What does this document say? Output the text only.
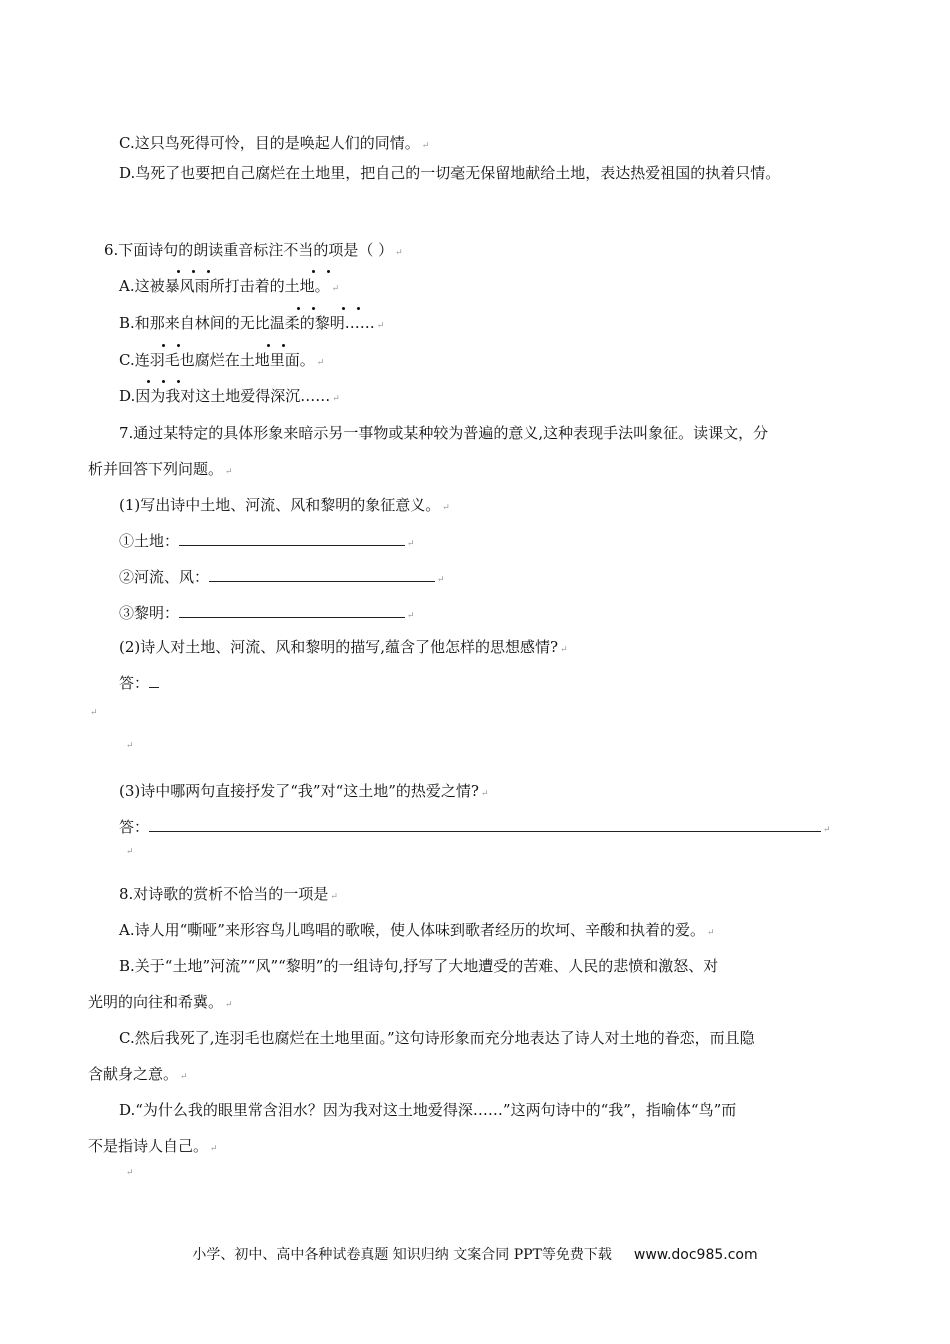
C.这只鸟死得可怜，目的是唤起人们的同情。 ↵
D.鸟死了也要把自己腐烂在土地里，把自己的一切毫无保留地献给土地，表达热爱祖国的执着只情。
6.下面诗句的朗读重音标注不当的项是（ ） ↵
A.这被暴风雨所打击着的土地。 ↵
B.和那来自林间的无比温柔的黎明…… ↵
C.连羽毛也腐烂在土地里面。 ↵
D.因为我对这土地爱得深沉…… ↵
7.通过某特定的具体形象来暗示另一事物或某种较为普遍的意义,这种表现手法叫象征。读课文，分
析并回答下列问题。 ↵
(1)写出诗中土地、河流、风和黎明的象征意义。 ↵
①土地：	↵
②河流、风：	↵
③黎明：	↵
(2)诗人对土地、河流、风和黎明的描写,蕴含了他怎样的思想感情? ↵
答：
↵
↵
(3)诗中哪两句直接抒发了“我”对“这土地”的热爱之情? ↵
答：	↵
↵
8.对诗歌的赏析不恰当的一项是 ↵
A.诗人用“嘶哑”来形容鸟儿鸣唱的歌喉，使人体味到歌者经历的坎坷、辛酸和执着的爱。 ↵
B.关于“土地”河流”“风”“黎明”的一组诗句,抒写了大地遭受的苦难、人民的悲愤和激怒、对
光明的向往和希冀。 ↵
C.然后我死了,连羽毛也腐烂在土地里面。”这句诗形象而充分地表达了诗人对土地的眷恋，而且隐
含献身之意。 ↵
D.“为什么我的眼里常含泪水？因为我对这土地爱得深……”这两句诗中的“我”，指喻体“鸟”而
不是指诗人自己。 ↵
↵
小学、初中、高中各种试卷真题 知识归纳 文案合同 PPT等免费下载 www.doc985.com
